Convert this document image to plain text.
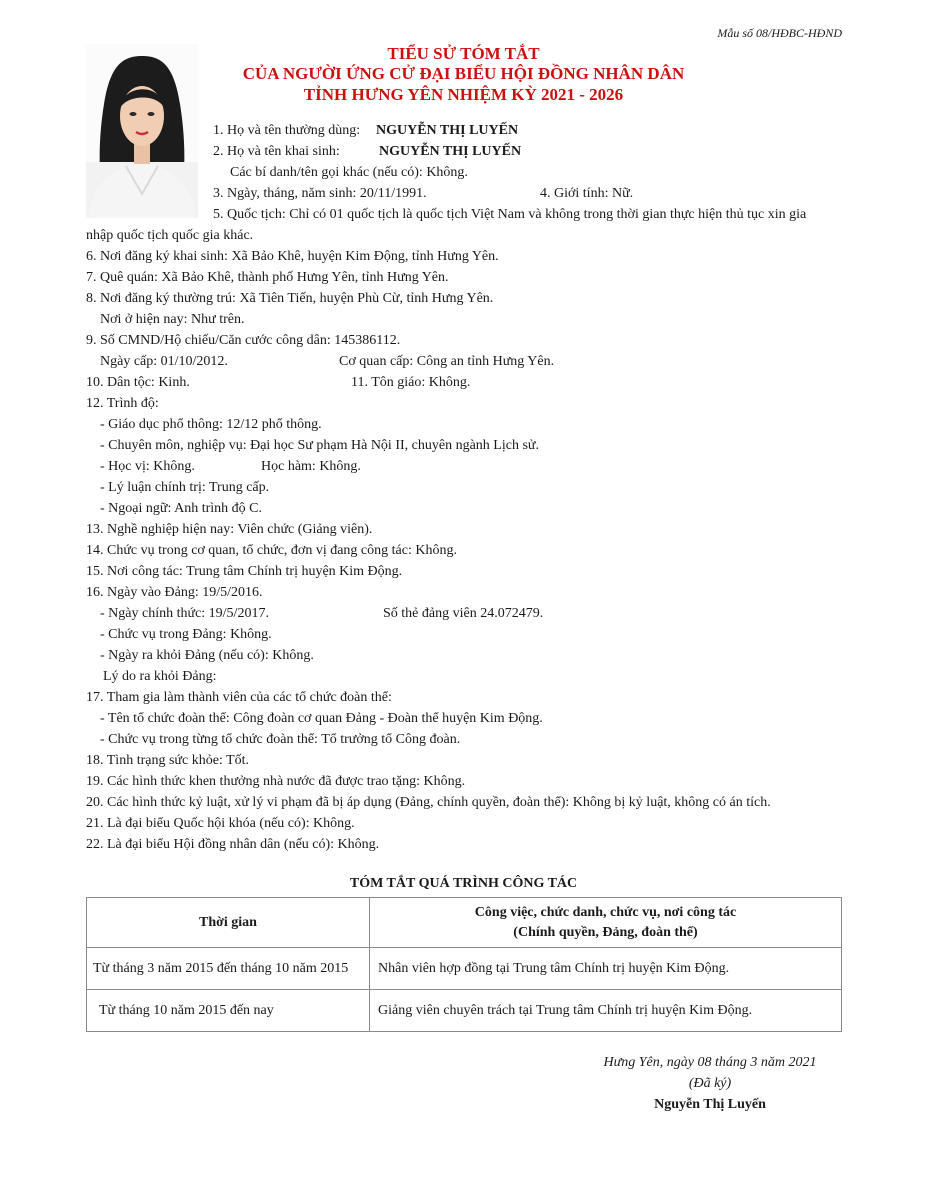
Mẫu số 08/HĐBC-HĐND
TIỂU SỬ TÓM TẮT
CỦA NGƯỜI ỨNG CỬ ĐẠI BIỂU HỘI ĐỒNG NHÂN DÂN
TỈNH HƯNG YÊN NHIỆM KỲ 2021 - 2026
1. Họ và tên thường dùng: NGUYỄN THỊ LUYẾN
2. Họ và tên khai sinh:	NGUYỄN THỊ LUYẾN
Các bí danh/tên gọi khác (nếu có): Không.
3. Ngày, tháng, năm sinh: 20/11/1991.	4. Giới tính: Nữ.
5. Quốc tịch: Chỉ có 01 quốc tịch là quốc tịch Việt Nam và không trong thời gian thực hiện thủ tục xin gia
nhập quốc tịch quốc gia khác.
6. Nơi đăng ký khai sinh: Xã Bảo Khê, huyện Kim Động, tỉnh Hưng Yên.
7. Quê quán: Xã Bảo Khê, thành phố Hưng Yên, tỉnh Hưng Yên.
8. Nơi đăng ký thường trú: Xã Tiên Tiến, huyện Phù Cừ, tỉnh Hưng Yên.
Nơi ở hiện nay: Như trên.
9. Số CMND/Hộ chiếu/Căn cước công dân: 145386112.
Ngày cấp: 01/10/2012.	Cơ quan cấp: Công an tỉnh Hưng Yên.
10. Dân tộc: Kinh.	11. Tôn giáo: Không.
12. Trình độ:
- Giáo dục phổ thông: 12/12 phổ thông.
- Chuyên môn, nghiệp vụ: Đại học Sư phạm Hà Nội II, chuyên ngành Lịch sử.
- Học vị: Không.	Học hàm: Không.
- Lý luận chính trị: Trung cấp.
- Ngoại ngữ: Anh trình độ C.
13. Nghề nghiệp hiện nay: Viên chức (Giảng viên).
14. Chức vụ trong cơ quan, tổ chức, đơn vị đang công tác: Không.
15. Nơi công tác: Trung tâm Chính trị huyện Kim Động.
16. Ngày vào Đảng: 19/5/2016.
- Ngày chính thức: 19/5/2017.	Số thẻ đảng viên 24.072479.
- Chức vụ trong Đảng: Không.
- Ngày ra khỏi Đảng (nếu có): Không.
Lý do ra khỏi Đảng:
17. Tham gia làm thành viên của các tổ chức đoàn thể:
- Tên tổ chức đoàn thể: Công đoàn cơ quan Đảng - Đoàn thể huyện Kim Động.
- Chức vụ trong từng tổ chức đoàn thể: Tổ trưởng tổ Công đoàn.
18. Tình trạng sức khỏe: Tốt.
19. Các hình thức khen thưởng nhà nước đã được trao tặng: Không.
20. Các hình thức kỷ luật, xử lý vi phạm đã bị áp dụng (Đảng, chính quyền, đoàn thể): Không bị kỷ luật, không có án tích.
21. Là đại biểu Quốc hội khóa (nếu có): Không.
22. Là đại biểu Hội đồng nhân dân (nếu có): Không.
TÓM TẮT QUÁ TRÌNH CÔNG TÁC
Thời gian	Công việc, chức danh, chức vụ, nơi công tác
(Chính quyền, Đảng, đoàn thể)

Từ tháng 3 năm 2015 đến tháng 10 năm 2015	Nhân viên hợp đồng tại Trung tâm Chính trị huyện Kim Động.
Từ tháng 10 năm 2015 đến nay	Giảng viên chuyên trách tại Trung tâm Chính trị huyện Kim Động.
Hưng Yên, ngày 08 tháng 3 năm 2021
(Đã ký)
Nguyễn Thị Luyến
